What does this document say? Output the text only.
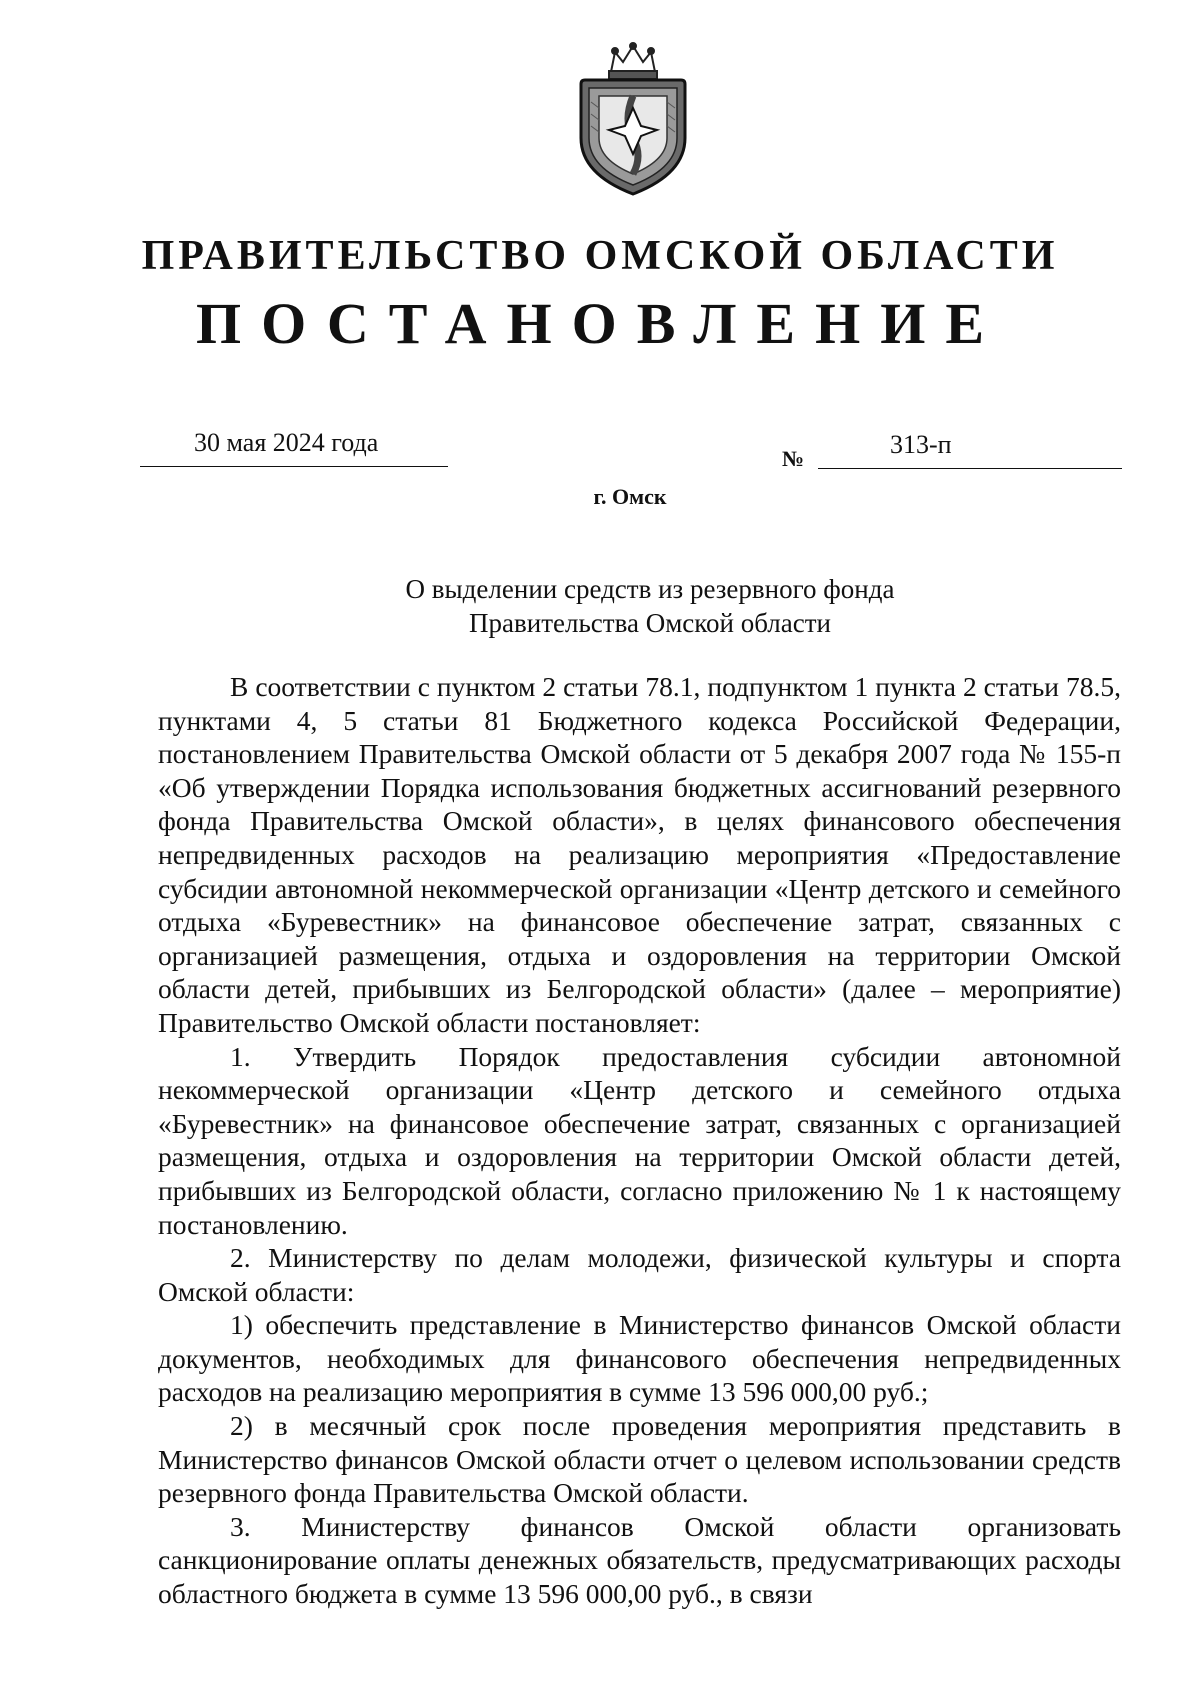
ПРАВИТЕЛЬСТВО ОМСКОЙ ОБЛАСТИ
ПОСТАНОВЛЕНИЕ
30 мая 2024 года
№	313-п
г. Омск
О выделении средств из резервного фонда
Правительства Омской области

В соответствии с пунктом 2 статьи 78.1, подпунктом 1 пункта 2 статьи 78.5, пунктами 4, 5 статьи 81 Бюджетного кодекса Российской Федерации, постановлением Правительства Омской области от 5 декабря 2007 года № 155-п «Об утверждении Порядка использования бюджетных ассигнований резервного фонда Правительства Омской области», в целях финансового обеспечения непредвиденных расходов на реализацию мероприятия «Предоставление субсидии автономной некоммерческой организации «Центр детского и семейного отдыха «Буревестник» на финансовое обеспечение затрат, связанных с организацией размещения, отдыха и оздоровления на территории Омской области детей, прибывших из Белгородской области» (далее – мероприятие) Правительство Омской области постановляет:

1. Утвердить Порядок предоставления субсидии автономной некоммерческой организации «Центр детского и семейного отдыха «Буревестник» на финансовое обеспечение затрат, связанных с организацией размещения, отдыха и оздоровления на территории Омской области детей, прибывших из Белгородской области, согласно приложению № 1 к настоящему постановлению.

2. Министерству по делам молодежи, физической культуры и спорта Омской области:

1) обеспечить представление в Министерство финансов Омской области документов, необходимых для финансового обеспечения непредвиденных расходов на реализацию мероприятия в сумме 13 596 000,00 руб.;

2) в месячный срок после проведения мероприятия представить в Министерство финансов Омской области отчет о целевом использовании средств резервного фонда Правительства Омской области.

3. Министерству финансов Омской области организовать санкционирование оплаты денежных обязательств, предусматривающих расходы областного бюджета в сумме 13 596 000,00 руб., в связи
